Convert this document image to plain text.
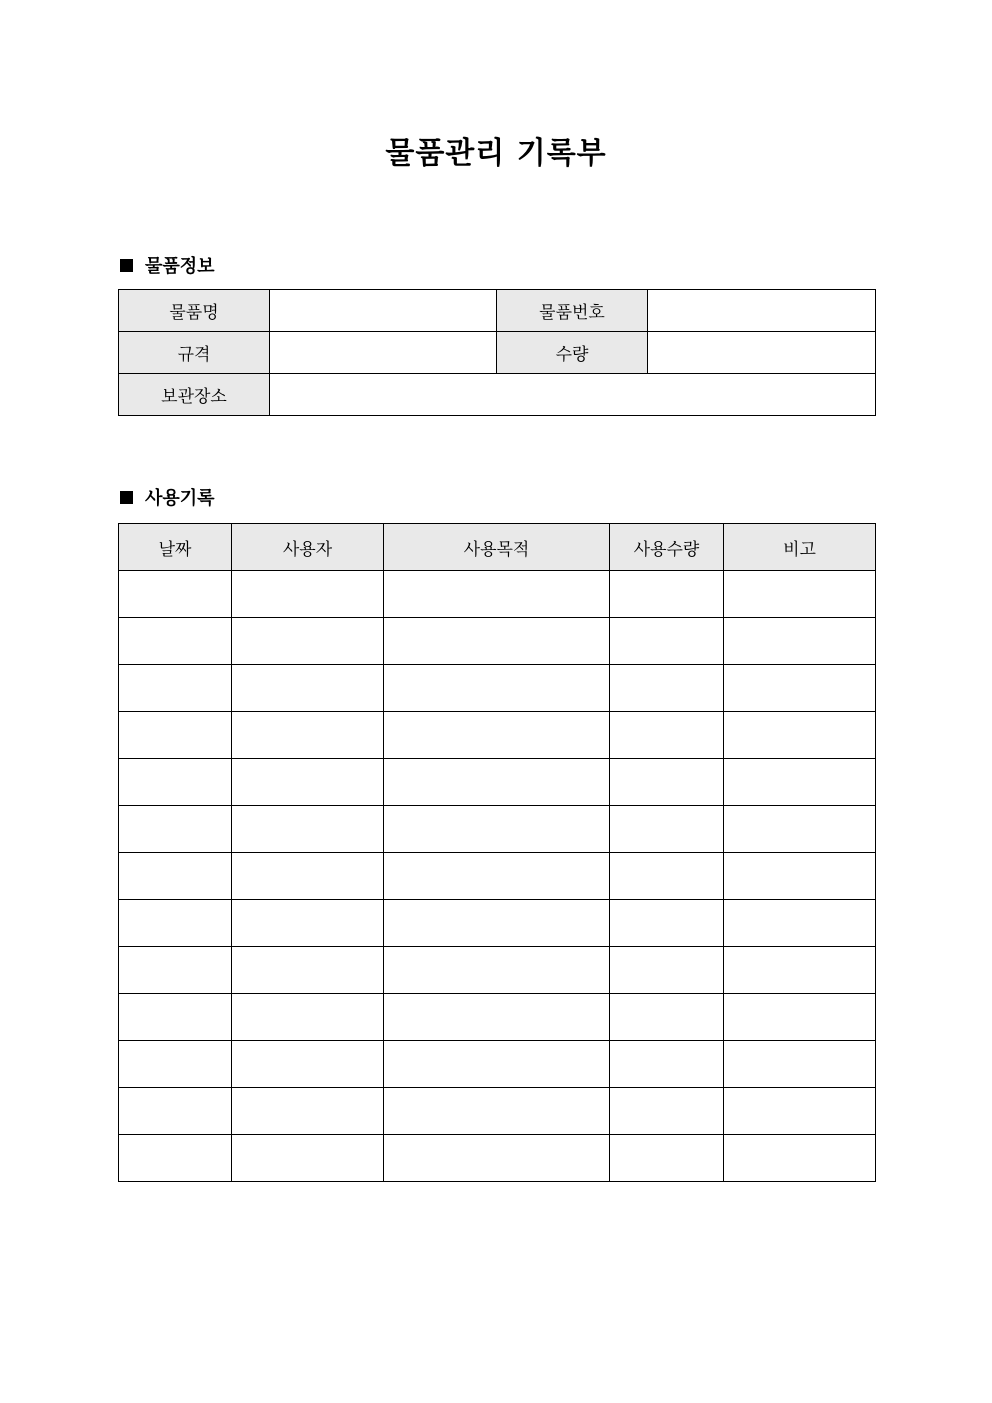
물품관리 기록부
물품정보
물품명		물품번호	
규격		수량	
보관장소			
사용기록
날짜	사용자	사용목적	사용수량	비고
